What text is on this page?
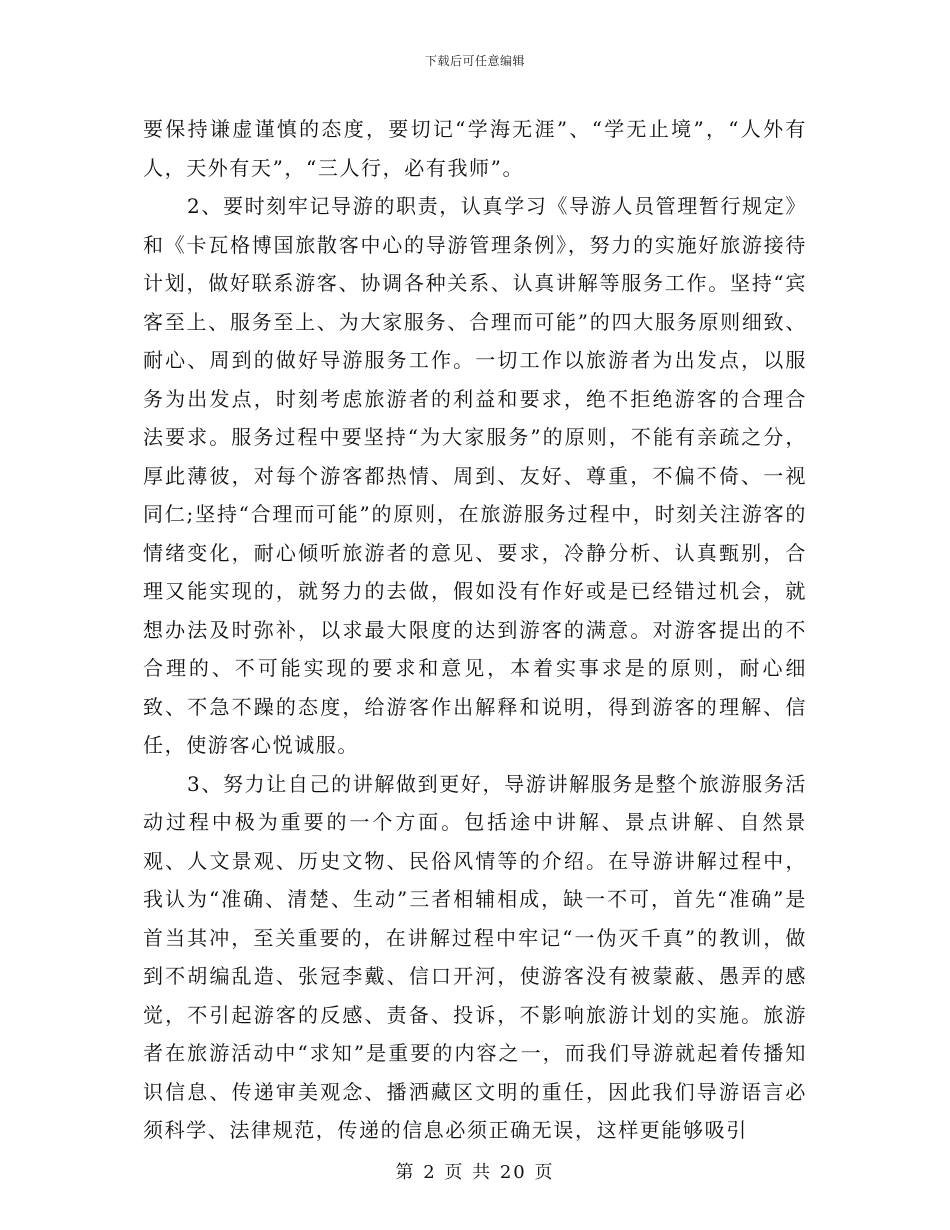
下载后可任意编辑

要保持谦虚谨慎的态度，要切记“学海无涯”、“学无止境”，“人外有人，天外有天”，“三人行，必有我师”。

2、要时刻牢记导游的职责，认真学习《导游人员管理暂行规定》和《卡瓦格博国旅散客中心的导游管理条例》，努力的实施好旅游接待计划，做好联系游客、协调各种关系、认真讲解等服务工作。坚持“宾客至上、服务至上、为大家服务、合理而可能”的四大服务原则细致、耐心、周到的做好导游服务工作。一切工作以旅游者为出发点，以服务为出发点，时刻考虑旅游者的利益和要求，绝不拒绝游客的合理合法要求。服务过程中要坚持“为大家服务”的原则，不能有亲疏之分，厚此薄彼，对每个游客都热情、周到、友好、尊重，不偏不倚、一视同仁;坚持“合理而可能”的原则，在旅游服务过程中，时刻关注游客的情绪变化，耐心倾听旅游者的意见、要求，冷静分析、认真甄别，合理又能实现的，就努力的去做，假如没有作好或是已经错过机会，就想办法及时弥补，以求最大限度的达到游客的满意。对游客提出的不合理的、不可能实现的要求和意见，本着实事求是的原则，耐心细致、不急不躁的态度，给游客作出解释和说明，得到游客的理解、信任，使游客心悦诚服。

3、努力让自己的讲解做到更好，导游讲解服务是整个旅游服务活动过程中极为重要的一个方面。包括途中讲解、景点讲解、自然景观、人文景观、历史文物、民俗风情等的介绍。在导游讲解过程中，我认为“准确、清楚、生动”三者相辅相成，缺一不可，首先“准确”是首当其冲，至关重要的，在讲解过程中牢记“一伪灭千真”的教训，做到不胡编乱造、张冠李戴、信口开河，使游客没有被蒙蔽、愚弄的感觉，不引起游客的反感、责备、投诉，不影响旅游计划的实施。旅游者在旅游活动中“求知”是重要的内容之一，而我们导游就起着传播知识信息、传递审美观念、播洒藏区文明的重任，因此我们导游语言必须科学、法律规范，传递的信息必须正确无误，这样更能够吸引

第 2 页 共 20 页
